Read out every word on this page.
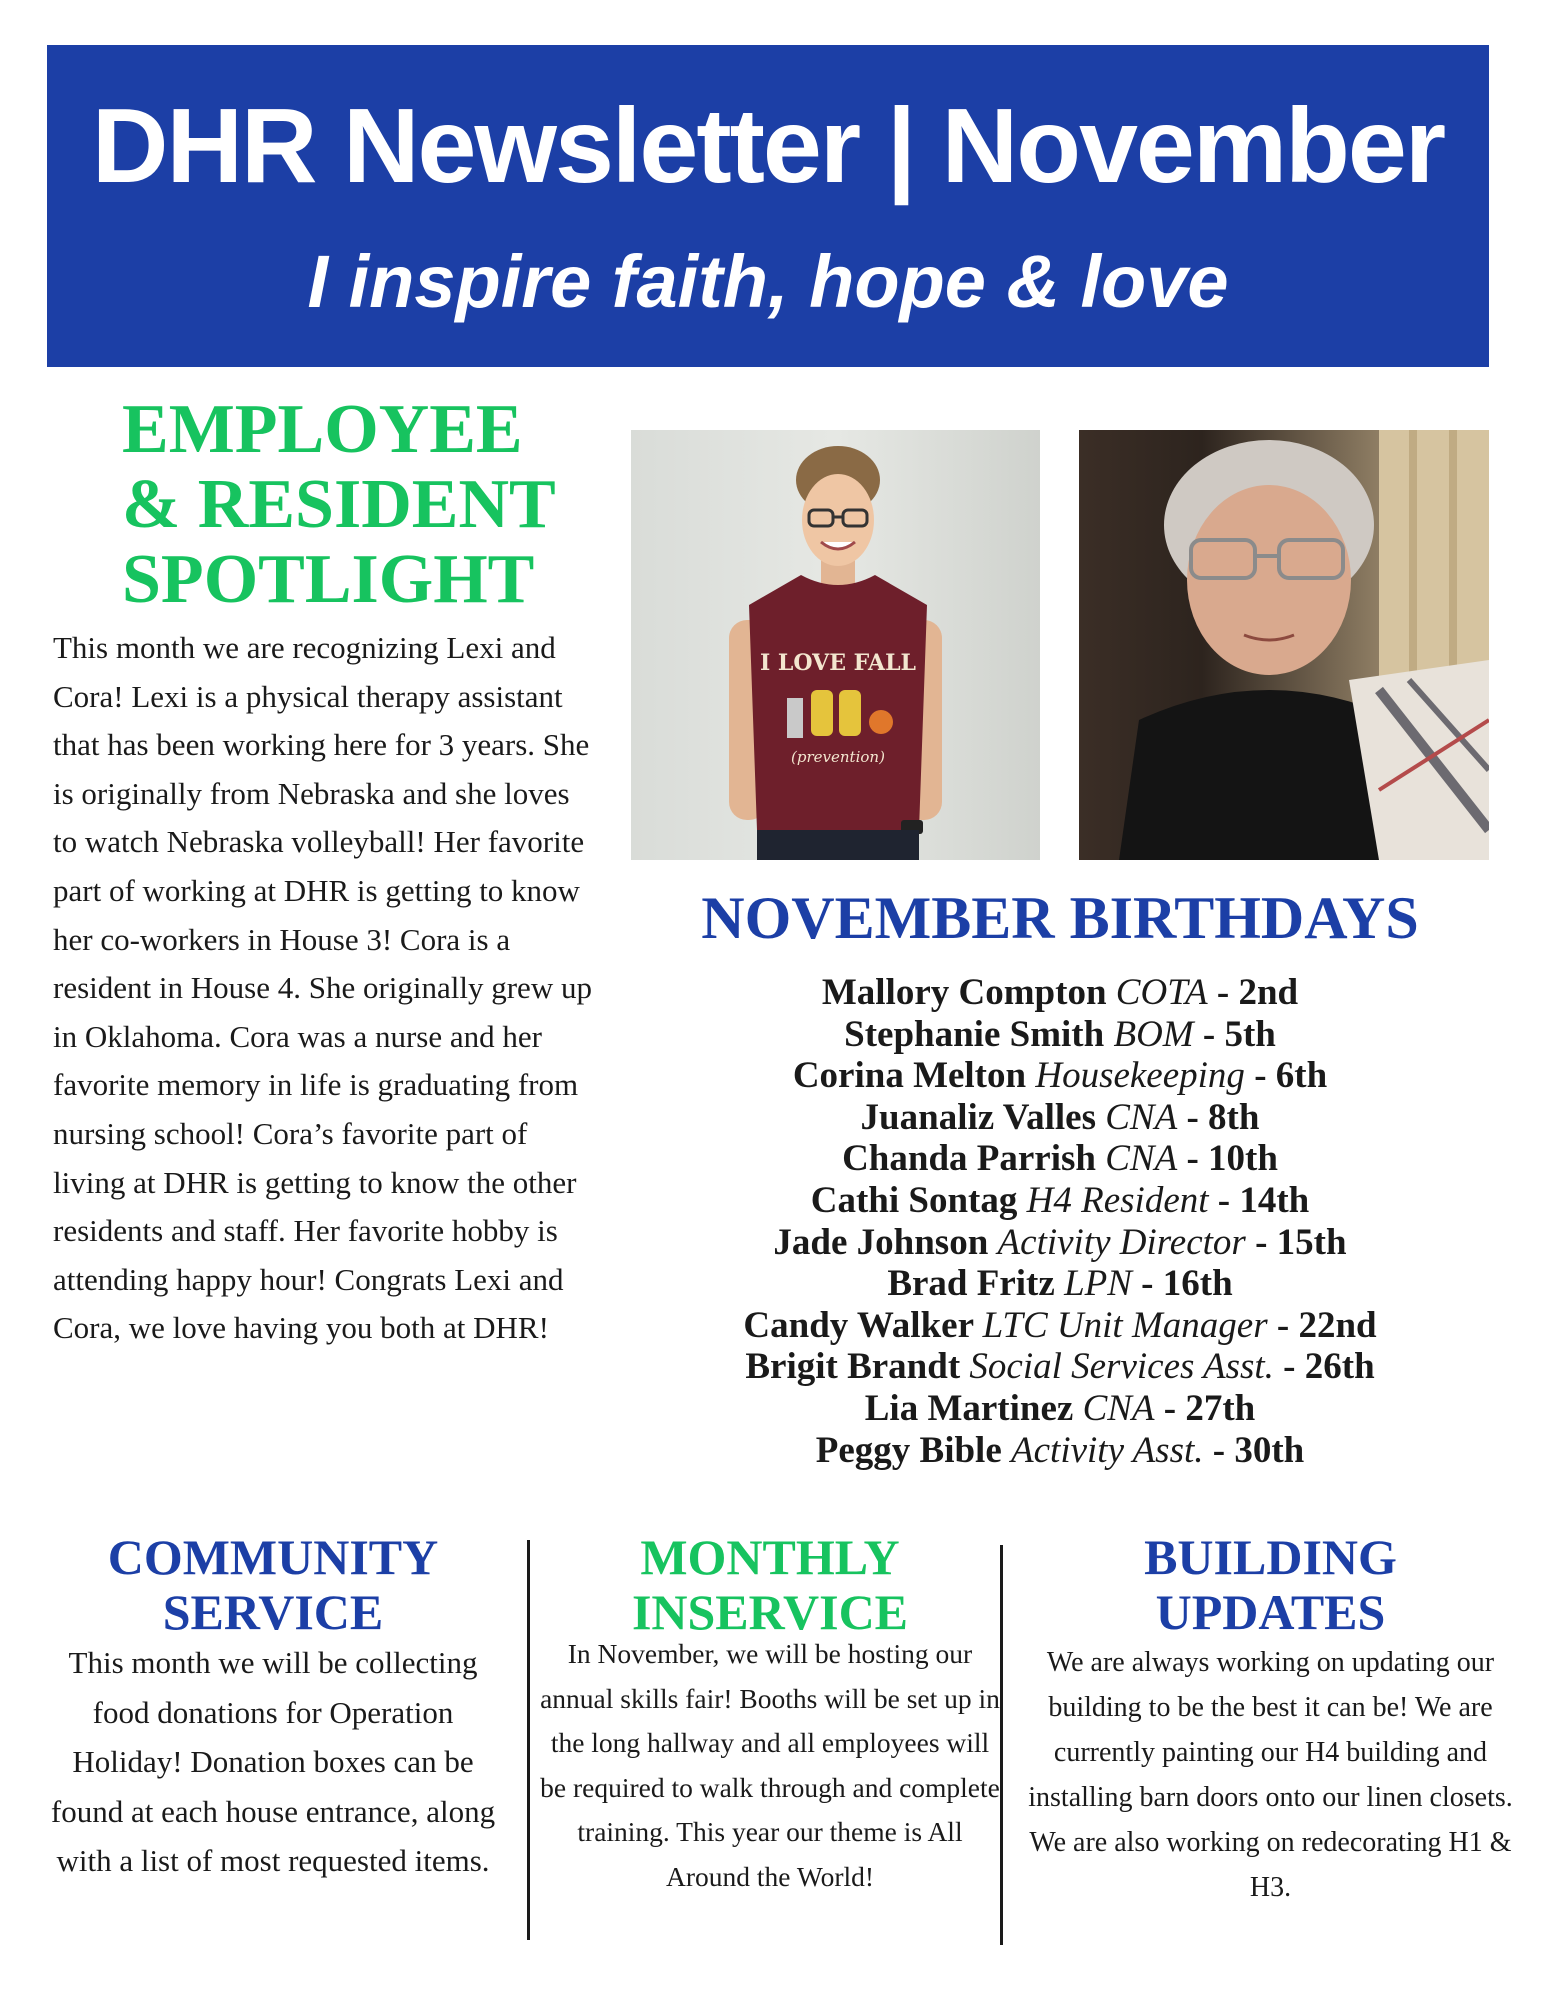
DHR Newsletter | November
I inspire faith, hope & love
EMPLOYEE
& RESIDENT
SPOTLIGHT

This month we are recognizing Lexi and Cora! Lexi is a physical therapy assistant that has been working here for 3 years. She is originally from Nebraska and she loves to watch Nebraska volleyball! Her favorite part of working at DHR is getting to know her co-workers in House 3! Cora is a resident in House 4. She originally grew up in Oklahoma. Cora was a nurse and her favorite memory in life is graduating from nursing school! Cora’s favorite part of living at DHR is getting to know the other residents and staff. Her favorite hobby is attending happy hour! Congrats Lexi and Cora, we love having you both at DHR!

I LOVE FALL
(prevention)
NOVEMBER BIRTHDAYS
Mallory Compton COTA - 2nd
Stephanie Smith BOM - 5th
Corina Melton Housekeeping - 6th
Juanaliz Valles CNA - 8th
Chanda Parrish CNA - 10th
Cathi Sontag H4 Resident - 14th
Jade Johnson Activity Director - 15th
Brad Fritz LPN - 16th
Candy Walker LTC Unit Manager - 22nd
Brigit Brandt Social Services Asst. - 26th
Lia Martinez CNA - 27th
Peggy Bible Activity Asst. - 30th
COMMUNITY
SERVICE
This month we will be collecting food donations for Operation Holiday! Donation boxes can be found at each house entrance, along with a list of most requested items.
MONTHLY
INSERVICE
In November, we will be hosting our annual skills fair! Booths will be set up in the long hallway and all employees will be required to walk through and complete training. This year our theme is All Around the World!
BUILDING
UPDATES
We are always working on updating our building to be the best it can be! We are currently painting our H4 building and installing barn doors onto our linen closets. We are also working on redecorating H1 & H3.
